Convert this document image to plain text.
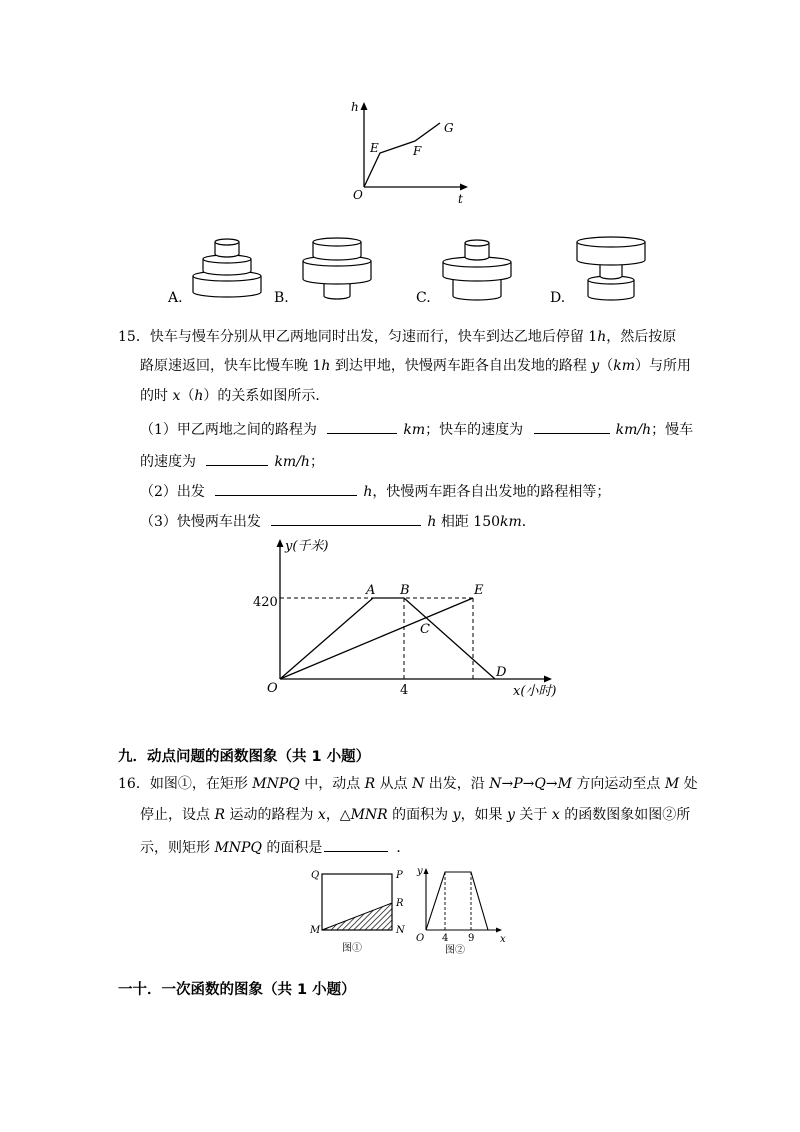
h
t
O
E	F
G
A.	B.	C.	D.
15．快车与慢车分别从甲乙两地同时出发，匀速而行，快车到达乙地后停留 1h，然后按原
路原速返回，快车比慢车晚 1h 到达甲地，快慢两车距各自出发地的路程 y（km）与所用
的时 x（h）的关系如图所示．
（1）甲乙两地之间的路程为	km；快车的速度为	km/h；慢车
的速度为	km/h；
（2）出发	h，快慢两车距各自出发地的路程相等；
（3）快慢两车出发	h 相距 150km．
y(千米)
x(小时)
420
4
O
A B
C
D
E
九．动点问题的函数图象（共 1 小题）
16．如图①，在矩形 MNPQ 中，动点 R 从点 N 出发，沿 N→P→Q→M 方向运动至点 M 处
停止，设点 R 运动的路程为 x，△MNR 的面积为 y，如果 y 关于 x 的函数图象如图②所
示，则矩形 MNPQ 的面积是	．
Q	P
R
M	N
图①
y
x
O 4 9
图②
一十．一次函数的图象（共 1 小题）
